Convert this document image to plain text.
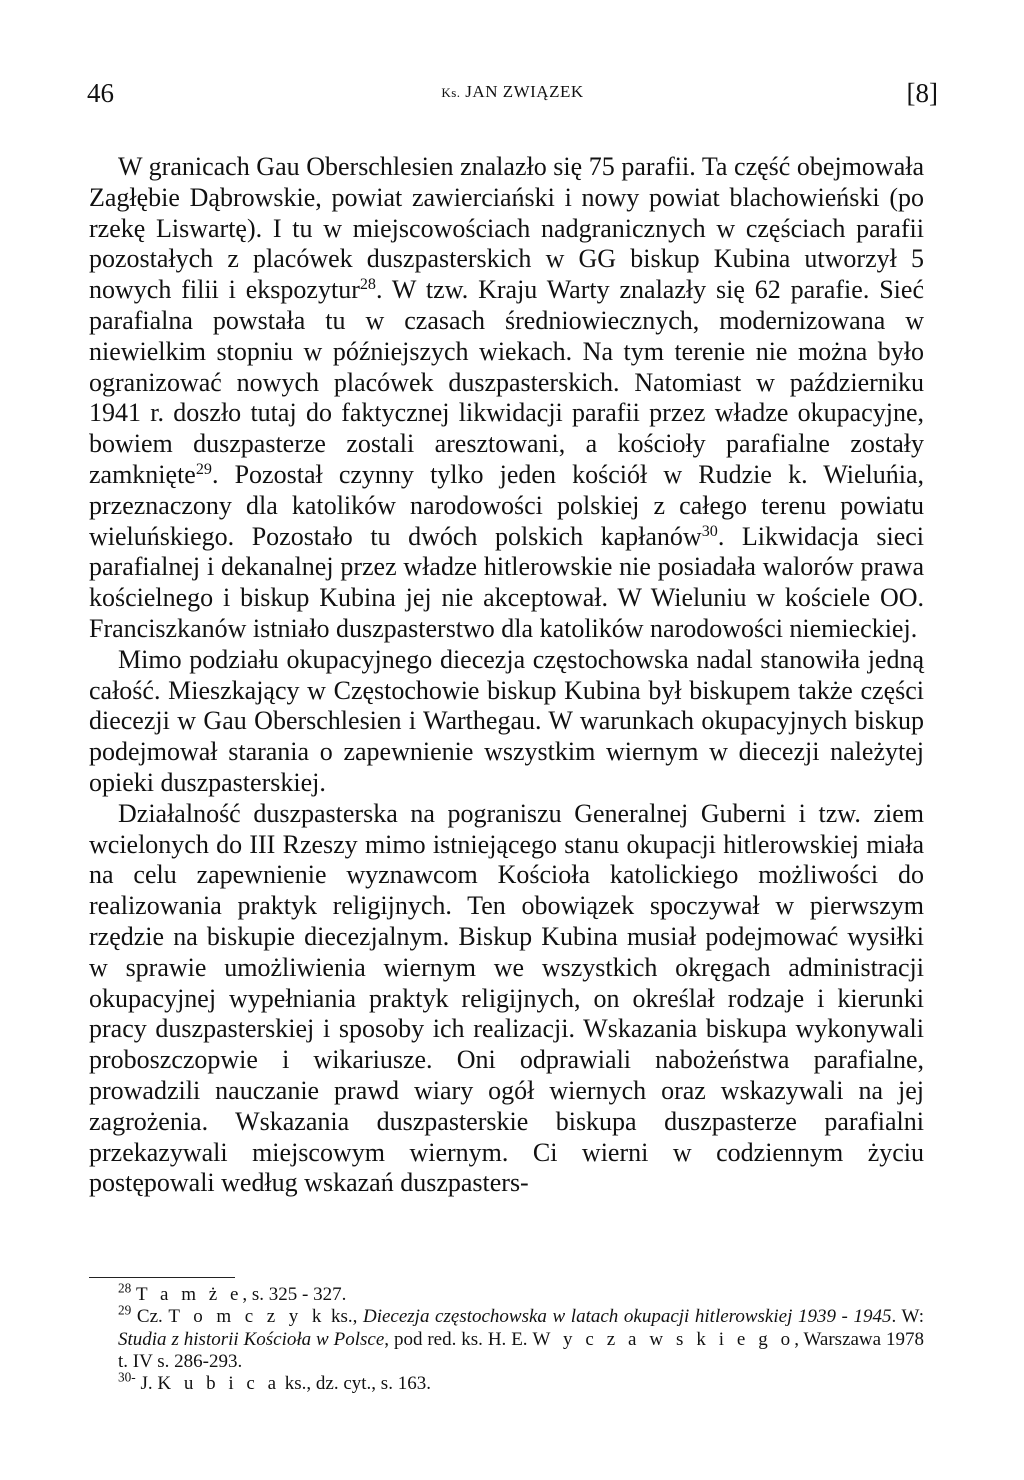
46	Ks. JAN ZWIĄZEK	[8]

W granicach Gau Oberschlesien znalazło się 75 parafii. Ta część obejmowała Zagłębie Dąbrowskie, powiat zawierciański i nowy powiat blachowieński (po rzekę Liswartę). I tu w miejscowościach nadgranicznych w częściach parafii pozostałych z placówek duszpasterskich w GG biskup Kubina utworzył 5 nowych filii i ekspozytur$^{28}$. W tzw. Kraju Warty znalazły się 62 parafie. Sieć parafialna powstała tu w czasach średniowiecznych, modernizowana w niewielkim stopniu w późniejszych wiekach. Na tym terenie nie można było ogranizować nowych placówek duszpasterskich. Natomiast w październiku 1941 r. doszło tutaj do faktycznej likwidacji parafii przez władze okupacyjne, bowiem duszpasterze zostali aresztowani, a kościoły parafialne zostały zamknięte$^{29}$. Pozostał czynny tylko jeden kościół w Rudzie k. Wieluńia, przeznaczony dla katolików narodowości polskiej z całego terenu powiatu wieluńskiego. Pozostało tu dwóch polskich kapłanów$^{30}$. Likwidacja sieci parafialnej i dekanalnej przez władze hitlerowskie nie posiadała walorów prawa kościelnego i biskup Kubina jej nie akceptował. W Wieluniu w kościele OO. Franciszkanów istniało duszpasterstwo dla katolików narodowości niemieckiej.

Mimo podziału okupacyjnego diecezja częstochowska nadal stanowiła jedną całość. Mieszkający w Częstochowie biskup Kubina był biskupem także części diecezji w Gau Oberschlesien i Warthegau. W warunkach okupacyjnych biskup podejmował starania o zapewnienie wszystkim wiernym w diecezji należytej opieki duszpasterskiej.

Działalność duszpasterska na pograniszu Generalnej Guberni i tzw. ziem wcielonych do III Rzeszy mimo istniejącego stanu okupacji hitlerowskiej miała na celu zapewnienie wyznawcom Kościoła katolickiego możliwości do realizowania praktyk religijnych. Ten obowiązek spoczywał w pierwszym rzędzie na biskupie diecezjalnym. Biskup Kubina musiał podejmować wysiłki w sprawie umożliwienia wiernym we wszystkich okręgach administracji okupacyjnej wypełniania praktyk religijnych, on określał rodzaje i kierunki pracy duszpasterskiej i sposoby ich realizacji. Wskazania biskupa wykonywali proboszczopwie i wikariusze. Oni odprawiali nabożeństwa parafialne, prowadzili nauczanie prawd wiary ogół wiernych oraz wskazywali na jej zagrożenia. Wskazania duszpasterskie biskupa duszpasterze parafialni przekazywali miejscowym wiernym. Ci wierni w codziennym życiu postępowali według wskazań duszpasters-

$^{28}$ T a m ż e, s. 325 - 327.

$^{29}$ Cz. T o m c z y k ks., Diecezja częstochowska w latach okupacji hitlerowskiej 1939 - 1945. W: Studia z historii Kościoła w Polsce, pod red. ks. H. E. W y c z a w s k i e g o, Warszawa 1978 t. IV s. 286-293.

$^{30-}$ J. K u b i c a ks., dz. cyt., s. 163.
